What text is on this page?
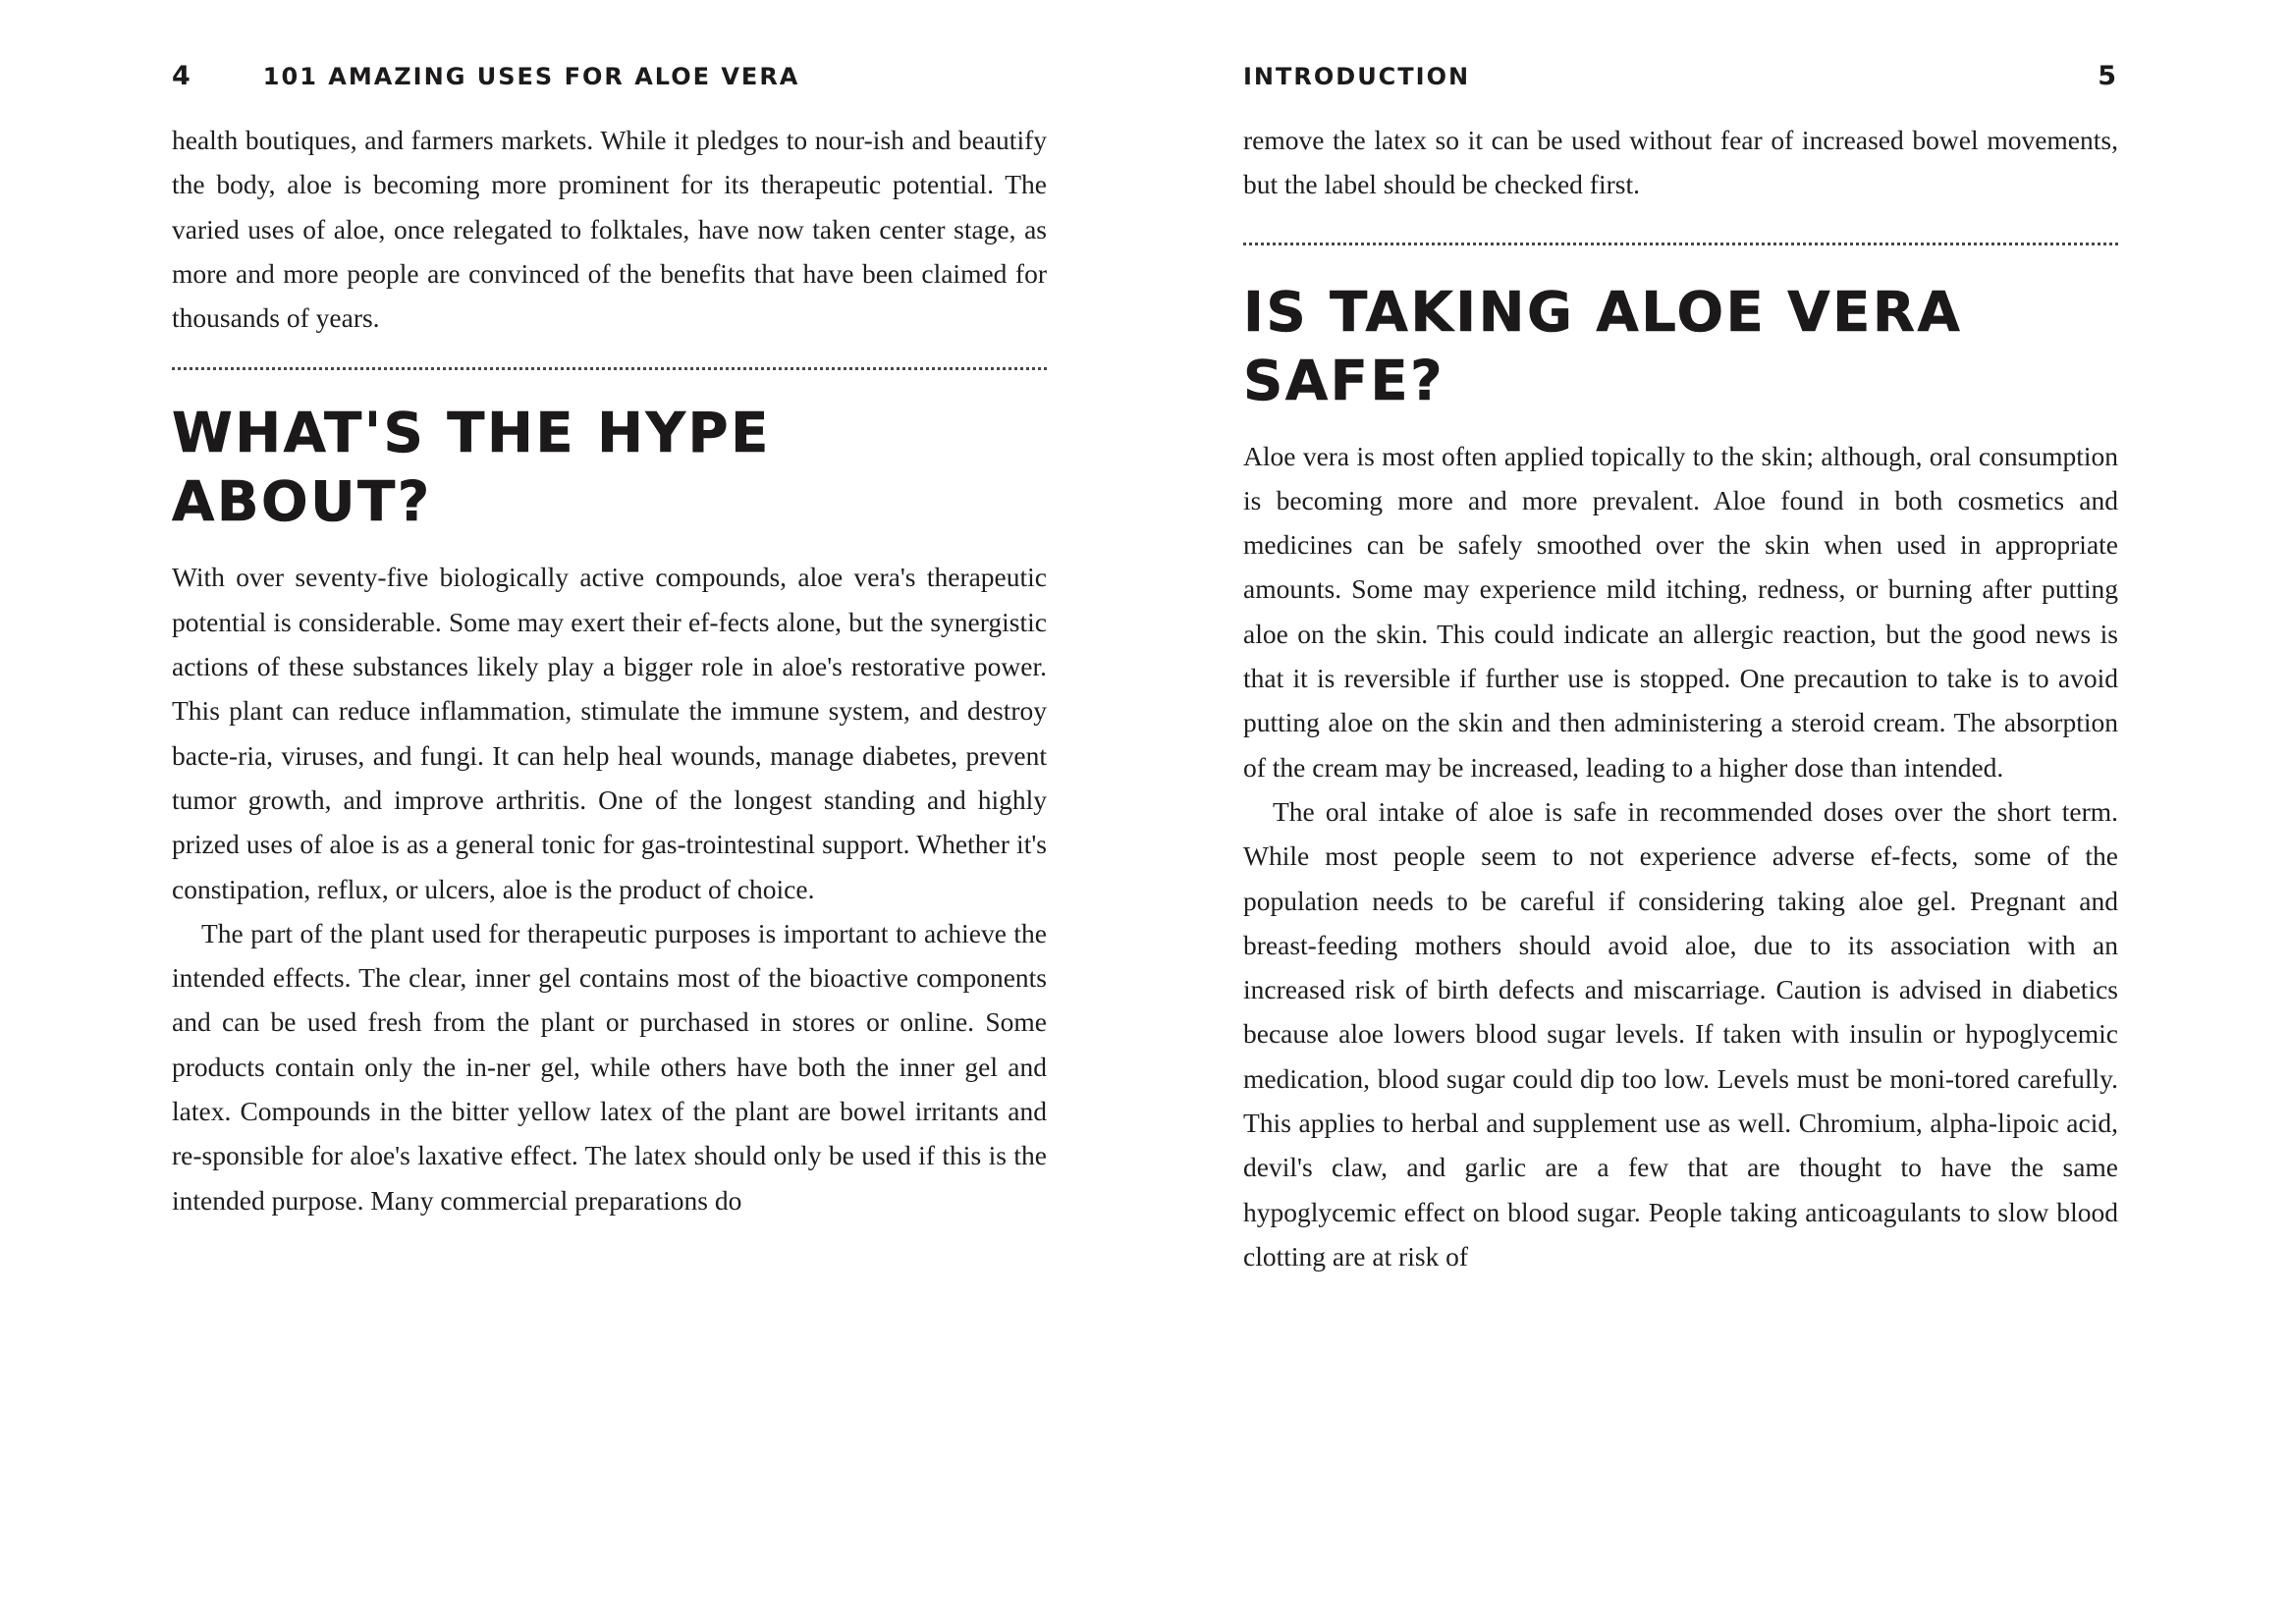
4	101 AMAZING USES FOR ALOE VERA

health boutiques, and farmers markets. While it pledges to nour-ish and beautify the body, aloe is becoming more prominent for its therapeutic potential. The varied uses of aloe, once relegated to folktales, have now taken center stage, as more and more people are convinced of the benefits that have been claimed for thousands of years.

WHAT'S THE HYPE ABOUT?

With over seventy-five biologically active compounds, aloe vera's therapeutic potential is considerable. Some may exert their ef-fects alone, but the synergistic actions of these substances likely play a bigger role in aloe's restorative power. This plant can reduce inflammation, stimulate the immune system, and destroy bacte-ria, viruses, and fungi. It can help heal wounds, manage diabetes, prevent tumor growth, and improve arthritis. One of the longest standing and highly prized uses of aloe is as a general tonic for gas-trointestinal support. Whether it's constipation, reflux, or ulcers, aloe is the product of choice.

The part of the plant used for therapeutic purposes is important to achieve the intended effects. The clear, inner gel contains most of the bioactive components and can be used fresh from the plant or purchased in stores or online. Some products contain only the in-ner gel, while others have both the inner gel and latex. Compounds in the bitter yellow latex of the plant are bowel irritants and re-sponsible for aloe's laxative effect. The latex should only be used if this is the intended purpose. Many commercial preparations do

INTRODUCTION	5

remove the latex so it can be used without fear of increased bowel movements, but the label should be checked first.

IS TAKING ALOE VERA SAFE?

Aloe vera is most often applied topically to the skin; although, oral consumption is becoming more and more prevalent. Aloe found in both cosmetics and medicines can be safely smoothed over the skin when used in appropriate amounts. Some may experience mild itching, redness, or burning after putting aloe on the skin. This could indicate an allergic reaction, but the good news is that it is reversible if further use is stopped. One precaution to take is to avoid putting aloe on the skin and then administering a steroid cream. The absorption of the cream may be increased, leading to a higher dose than intended.

The oral intake of aloe is safe in recommended doses over the short term. While most people seem to not experience adverse ef-fects, some of the population needs to be careful if considering taking aloe gel. Pregnant and breast-feeding mothers should avoid aloe, due to its association with an increased risk of birth defects and miscarriage. Caution is advised in diabetics because aloe lowers blood sugar levels. If taken with insulin or hypoglycemic medication, blood sugar could dip too low. Levels must be moni-tored carefully. This applies to herbal and supplement use as well. Chromium, alpha-lipoic acid, devil's claw, and garlic are a few that are thought to have the same hypoglycemic effect on blood sugar. People taking anticoagulants to slow blood clotting are at risk of
